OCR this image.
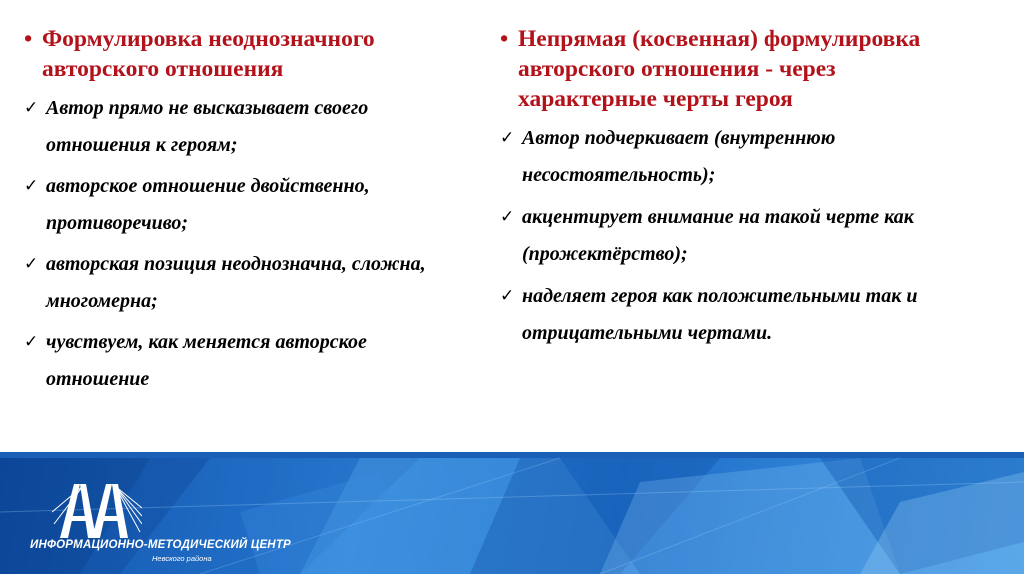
• Формулировка неоднозначного авторского отношения
✓ Автор прямо не высказывает своего отношения к героям;
✓ авторское отношение двойственно, противоречиво;
✓ авторская позиция неоднозначна, сложна, многомерна;
✓ чувствуем, как меняется авторское отношение
• Непрямая (косвенная) формулировка авторского отношения - через характерные черты героя
✓ Автор подчеркивает (внутреннюю несостоятельность);
✓ акцентирует внимание на такой черте как (прожектёрство);
✓ наделяет героя как положительными так и отрицательными чертами.
ИНФОРМАЦИОННО-МЕТОДИЧЕСКИЙ ЦЕНТР
Невского района
